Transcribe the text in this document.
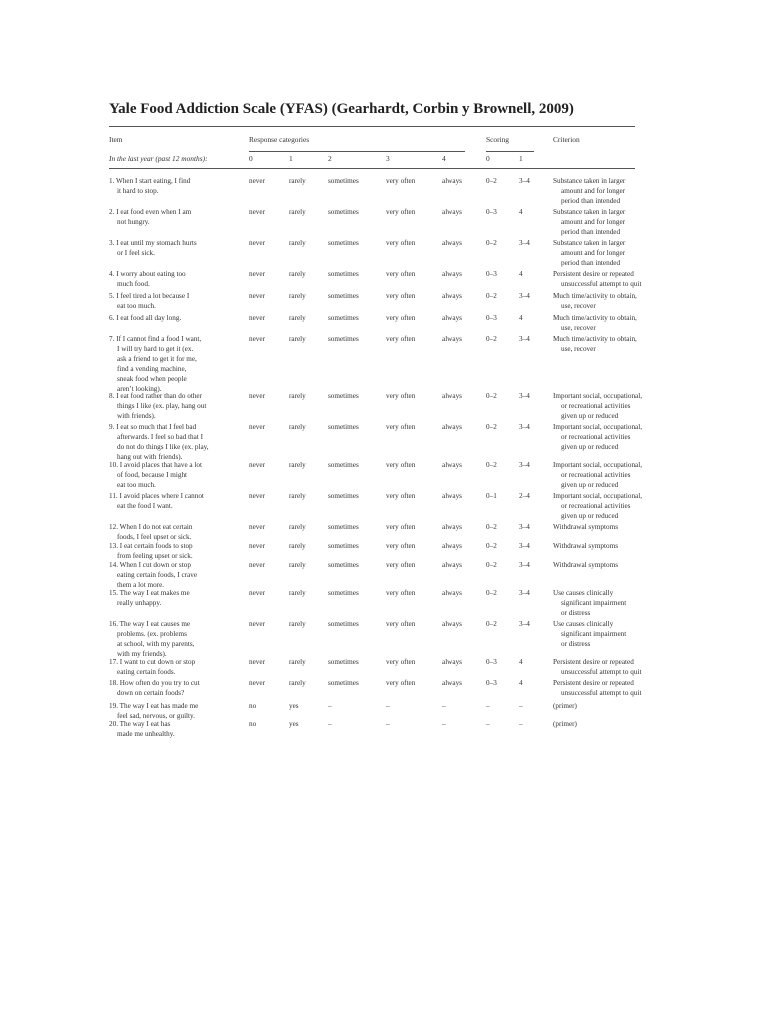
Yale Food Addiction Scale (YFAS) (Gearhardt, Corbin y Brownell, 2009)
Item	Response categories	Scoring	Criterion
In the last year (past 12 months):	0	1	2	3	4	0	1
1. When I start eating, I find
it hard to stop.
never	rarely	sometimes	very often	always	0–2	3–4	Substance taken in larger
amount and for longer
period than intended
2. I eat food even when I am
not hungry.
never	rarely	sometimes	very often	always	0–3	4	Substance taken in larger
amount and for longer
period than intended
3. I eat until my stomach hurts
or I feel sick.
never	rarely	sometimes	very often	always	0–2	3–4	Substance taken in larger
amount and for longer
period than intended
4. I worry about eating too
much food.
never	rarely	sometimes	very often	always	0–3	4	Persistent desire or repeated
unsuccessful attempt to quit
5. I feel tired a lot because I
eat too much.
never	rarely	sometimes	very often	always	0–2	3–4	Much time/activity to obtain,
use, recover
6. I eat food all day long.	never	rarely	sometimes	very often	always	0–3	4	Much time/activity to obtain,
use, recover
7. If I cannot find a food I want,
I will try hard to get it (ex.
ask a friend to get it for me,
find a vending machine,
sneak food when people
aren’t looking).
never	rarely	sometimes	very often	always	0–2	3–4	Much time/activity to obtain,
use, recover
8. I eat food rather than do other
things I like (ex. play, hang out
with friends).
never	rarely	sometimes	very often	always	0–2	3–4	Important social, occupational,
or recreational activities
given up or reduced
9. I eat so much that I feel bad
afterwards. I feel so bad that I
do not do things I like (ex. play,
hang out with friends).
never	rarely	sometimes	very often	always	0–2	3–4	Important social, occupational,
or recreational activities
given up or reduced
10. I avoid places that have a lot
of food, because I might
eat too much.
never	rarely	sometimes	very often	always	0–2	3–4	Important social, occupational,
or recreational activities
given up or reduced
11. I avoid places where I cannot
eat the food I want.
never	rarely	sometimes	very often	always	0–1	2–4	Important social, occupational,
or recreational activities
given up or reduced
12. When I do not eat certain
foods, I feel upset or sick.
never	rarely	sometimes	very often	always	0–2	3–4	Withdrawal symptoms
13. I eat certain foods to stop
from feeling upset or sick.
never	rarely	sometimes	very often	always	0–2	3–4	Withdrawal symptoms
14. When I cut down or stop
eating certain foods, I crave
them a lot more.
never	rarely	sometimes	very often	always	0–2	3–4	Withdrawal symptoms
15. The way I eat makes me
really unhappy.
never	rarely	sometimes	very often	always	0–2	3–4	Use causes clinically
significant impairment
or distress
16. The way I eat causes me
problems. (ex. problems
at school, with my parents,
with my friends).
never	rarely	sometimes	very often	always	0–2	3–4	Use causes clinically
significant impairment
or distress
17. I want to cut down or stop
eating certain foods.
never	rarely	sometimes	very often	always	0–3	4	Persistent desire or repeated
unsuccessful attempt to quit
18. How often do you try to cut
down on certain foods?
never	rarely	sometimes	very often	always	0–3	4	Persistent desire or repeated
unsuccessful attempt to quit
19. The way I eat has made me
feel sad, nervous, or guilty.
no	yes	–	–	–	–	–	(primer)
20. The way I eat has
made me unhealthy.
no	yes	–	–	–	–	–	(primer)
